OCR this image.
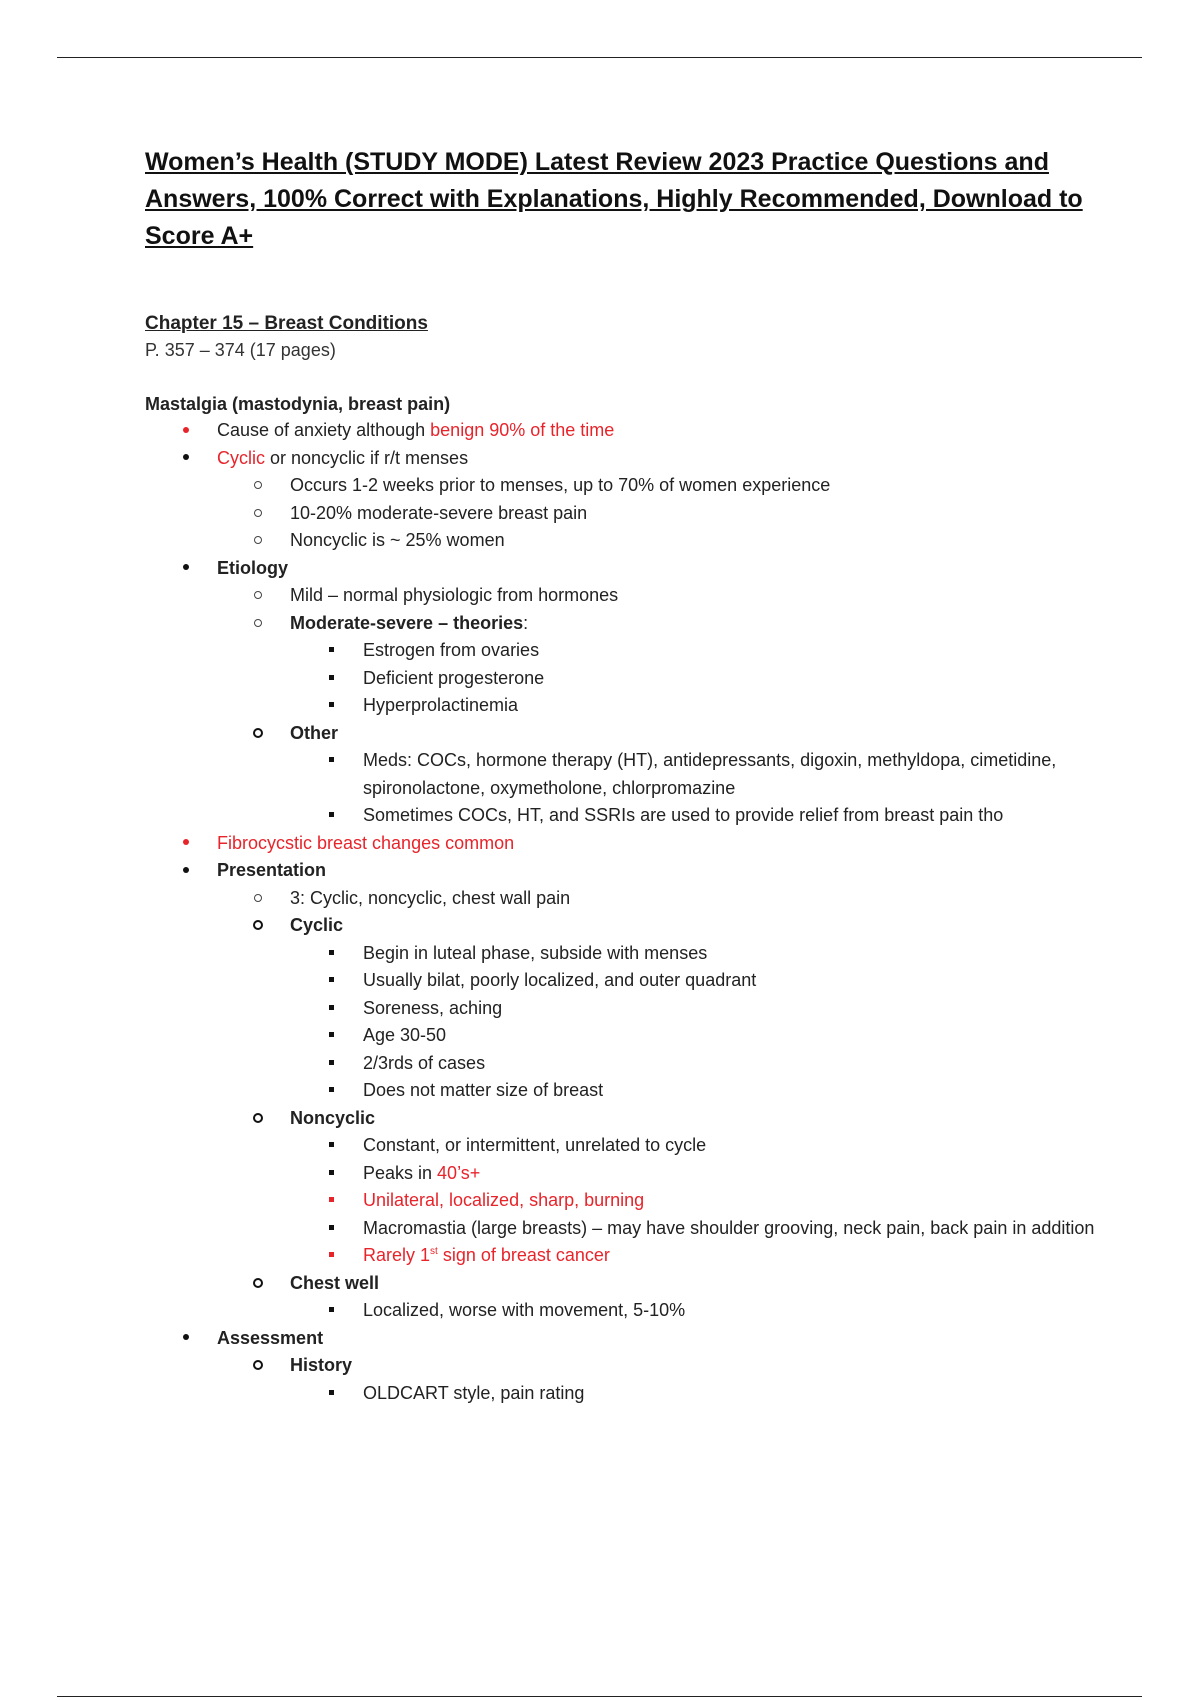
Women’s Health (STUDY MODE) Latest Review 2023 Practice Questions and Answers, 100% Correct with Explanations, Highly Recommended, Download to Score A+
Chapter 15 – Breast Conditions
P. 357 – 374 (17 pages)
Mastalgia (mastodynia, breast pain)
Cause of anxiety although benign 90% of the time
Cyclic or noncyclic if r/t menses
Occurs 1-2 weeks prior to menses, up to 70% of women experience
10-20% moderate-severe breast pain
Noncyclic is ~ 25% women
Etiology
Mild – normal physiologic from hormones
Moderate-severe – theories:
Estrogen from ovaries
Deficient progesterone
Hyperprolactinemia
Other
Meds: COCs, hormone therapy (HT), antidepressants, digoxin, methyldopa, cimetidine, spironolactone, oxymetholone, chlorpromazine
Sometimes COCs, HT, and SSRIs are used to provide relief from breast pain tho
Fibrocycstic breast changes common
Presentation
3: Cyclic, noncyclic, chest wall pain
Cyclic
Begin in luteal phase, subside with menses
Usually bilat, poorly localized, and outer quadrant
Soreness, aching
Age 30-50
2/3rds of cases
Does not matter size of breast
Noncyclic
Constant, or intermittent, unrelated to cycle
Peaks in 40’s+
Unilateral, localized, sharp, burning
Macromastia (large breasts) – may have shoulder grooving, neck pain, back pain in addition
Rarely 1st sign of breast cancer
Chest well
Localized, worse with movement, 5-10%
Assessment
History
OLDCART style, pain rating
